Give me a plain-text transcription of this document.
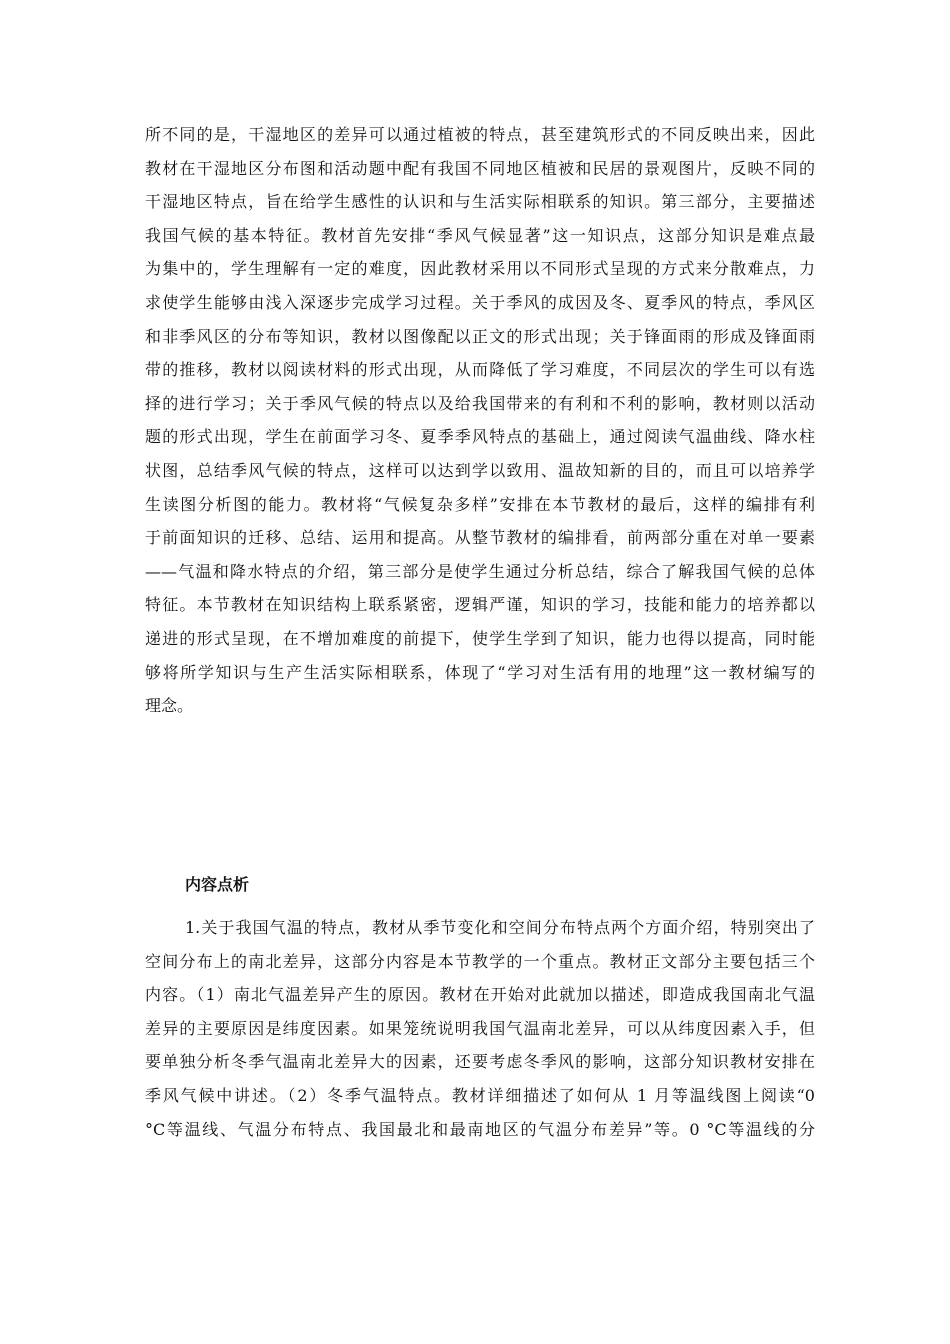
所不同的是，干湿地区的差异可以通过植被的特点，甚至建筑形式的不同反映出来，因此
教材在干湿地区分布图和活动题中配有我国不同地区植被和民居的景观图片，反映不同的
干湿地区特点，旨在给学生感性的认识和与生活实际相联系的知识。第三部分，主要描述
我国气候的基本特征。教材首先安排“季风气候显著”这一知识点，这部分知识是难点最
为集中的，学生理解有一定的难度，因此教材采用以不同形式呈现的方式来分散难点，力
求使学生能够由浅入深逐步完成学习过程。关于季风的成因及冬、夏季风的特点，季风区
和非季风区的分布等知识，教材以图像配以正文的形式出现；关于锋面雨的形成及锋面雨
带的推移，教材以阅读材料的形式出现，从而降低了学习难度，不同层次的学生可以有选
择的进行学习；关于季风气候的特点以及给我国带来的有利和不利的影响，教材则以活动
题的形式出现，学生在前面学习冬、夏季季风特点的基础上，通过阅读气温曲线、降水柱
状图，总结季风气候的特点，这样可以达到学以致用、温故知新的目的，而且可以培养学
生读图分析图的能力。教材将“气候复杂多样”安排在本节教材的最后，这样的编排有利
于前面知识的迁移、总结、运用和提高。从整节教材的编排看，前两部分重在对单一要素
——气温和降水特点的介绍，第三部分是使学生通过分析总结，综合了解我国气候的总体
特征。本节教材在知识结构上联系紧密，逻辑严谨，知识的学习，技能和能力的培养都以
递进的形式呈现，在不增加难度的前提下，使学生学到了知识，能力也得以提高，同时能
够将所学知识与生产生活实际相联系，体现了“学习对生活有用的地理”这一教材编写的
理念。
内容点析
1.关于我国气温的特点，教材从季节变化和空间分布特点两个方面介绍，特别突出了
空间分布上的南北差异，这部分内容是本节教学的一个重点。教材正文部分主要包括三个
内容。（1）南北气温差异产生的原因。教材在开始对此就加以描述，即造成我国南北气温
差异的主要原因是纬度因素。如果笼统说明我国气温南北差异，可以从纬度因素入手，但
要单独分析冬季气温南北差异大的因素，还要考虑冬季风的影响，这部分知识教材安排在
季风气候中讲述。（2）冬季气温特点。教材详细描述了如何从 1 月等温线图上阅读“0
°C等温线、气温分布特点、我国最北和最南地区的气温分布差异”等。0 °C等温线的分
